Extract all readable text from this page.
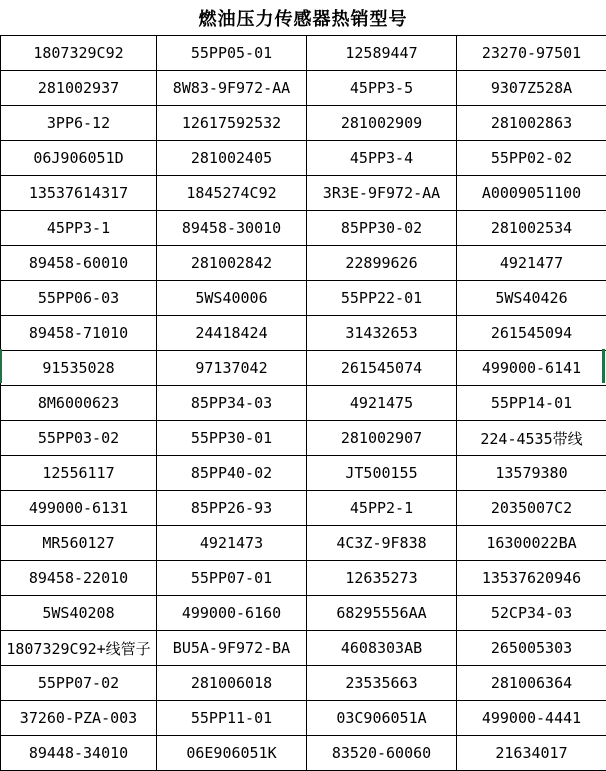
燃油压力传感器热销型号
1807329C92	55PP05-01	12589447	23270-97501
281002937	8W83-9F972-AA	45PP3-5	9307Z528A
3PP6-12	12617592532	281002909	281002863
06J906051D	281002405	45PP3-4	55PP02-02
13537614317	1845274C92	3R3E-9F972-AA	A0009051100
45PP3-1	89458-30010	85PP30-02	281002534
89458-60010	281002842	22899626	4921477
55PP06-03	5WS40006	55PP22-01	5WS40426
89458-71010	24418424	31432653	261545094
91535028	97137042	261545074	499000-6141
8M6000623	85PP34-03	4921475	55PP14-01
55PP03-02	55PP30-01	281002907	224-4535带线
12556117	85PP40-02	JT500155	13579380
499000-6131	85PP26-93	45PP2-1	2035007C2
MR560127	4921473	4C3Z-9F838	16300022BA
89458-22010	55PP07-01	12635273	13537620946
5WS40208	499000-6160	68295556AA	52CP34-03
1807329C92+线管子	BU5A-9F972-BA	4608303AB	265005303
55PP07-02	281006018	23535663	281006364
37260-PZA-003	55PP11-01	03C906051A	499000-4441
89448-34010	06E906051K	83520-60060	21634017
